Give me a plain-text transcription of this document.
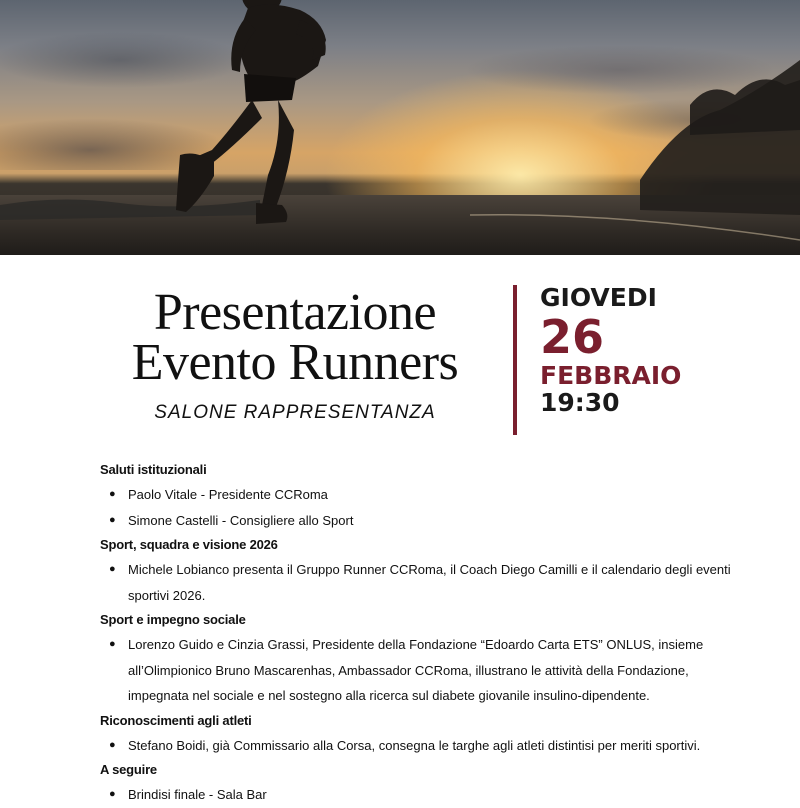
Presentazione
Evento Runners
SALONE RAPPRESENTANZA
GIOVEDI
26
FEBBRAIO
19:30
Saluti istituzionali
● Paolo Vitale - Presidente CCRoma
● Simone Castelli - Consigliere allo Sport
Sport, squadra e visione 2026
● Michele Lobianco presenta il Gruppo Runner CCRoma, il Coach Diego Camilli e il calendario degli eventi sportivi 2026.
Sport e impegno sociale
● Lorenzo Guido e Cinzia Grassi, Presidente della Fondazione “Edoardo Carta ETS” ONLUS, insieme all’Olimpionico Bruno Mascarenhas, Ambassador CCRoma, illustrano le attività della Fondazione, impegnata nel sociale e nel sostegno alla ricerca sul diabete giovanile insulino-dipendente.
Riconoscimenti agli atleti
● Stefano Boidi, già Commissario alla Corsa, consegna le targhe agli atleti distintisi per meriti sportivi.
A seguire
● Brindisi finale - Sala Bar
